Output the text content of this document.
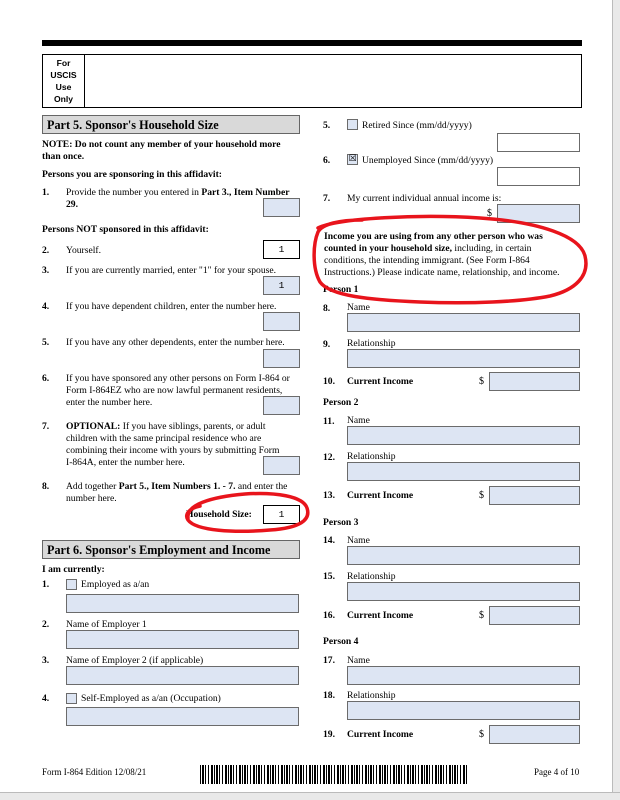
For
USCIS
Use
Only
Part 5. Sponsor's Household Size
NOTE: Do not count any member of your household more
than once.
Persons you are sponsoring in this affidavit:
1. Provide the number you entered in Part 3., Item Number
29.
Persons NOT sponsored in this affidavit:
2. Yourself.	1
3. If you are currently married, enter "1" for your spouse.
1
4. If you have dependent children, enter the number here.
5. If you have any other dependents, enter the number here.
6. If you have sponsored any other persons on Form I-864 or
Form I-864EZ who are now lawful permanent residents,
enter the number here.
7. OPTIONAL: If you have siblings, parents, or adult
children with the same principal residence who are
combining their income with yours by submitting Form
I-864A, enter the number here.
8. Add together Part 5., Item Numbers 1. - 7. and enter the
number here.
Household Size:	1
Part 6. Sponsor's Employment and Income
I am currently:
1.	Employed as a/an
2. Name of Employer 1
3. Name of Employer 2 (if applicable)
4.	Self-Employed as a/an (Occupation)
5.	Retired Since (mm/dd/yyyy)
6. ☒ Unemployed Since (mm/dd/yyyy)
7. My current individual annual income is:
$
Income you are using from any other person who was
counted in your household size, including, in certain
conditions, the intending immigrant. (See Form I-864
Instructions.) Please indicate name, relationship, and income.
Person 1
8. Name
9. Relationship
10. Current Income	$
Person 2
11. Name
12. Relationship
13. Current Income	$
Person 3
14. Name
15. Relationship
16. Current Income	$
Person 4
17. Name
18. Relationship
19. Current Income	$
Form I-864 Edition 12/08/21	Page 4 of 10
